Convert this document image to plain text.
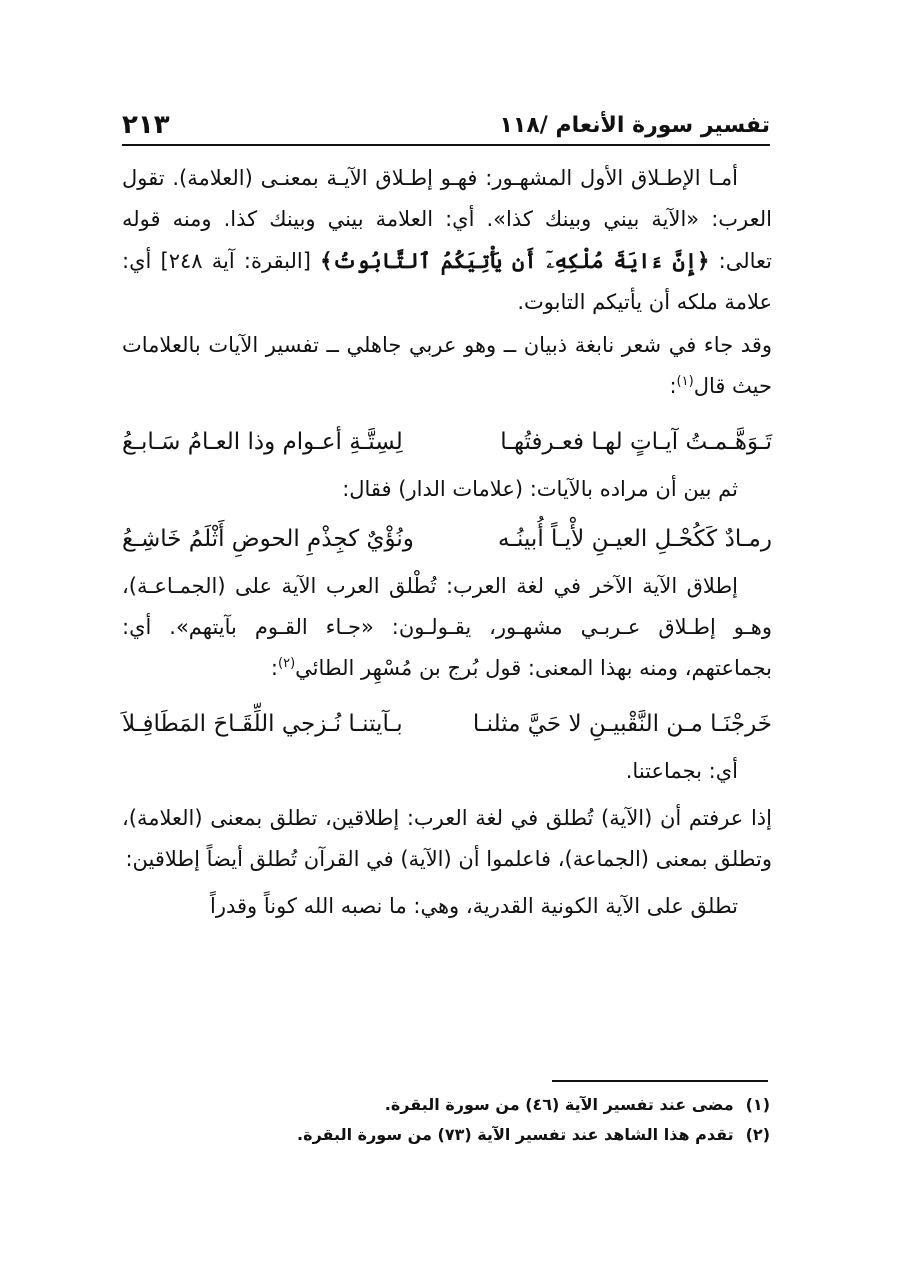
تفسير سورة الأنعام /١١٨
٢١٣

أمـا الإطـلاق الأول المشهـور: فهـو إطـلاق الآيـة بمعنـى (العلامة). تقول العرب: «الآية بيني وبينك كذا». أي: العلامة بيني وبينك كذا. ومنه قوله تعالى: ﴿إِنَّ ءَايَةَ مُلْكِهِۦٓ أَن يَأْتِيَكُمُ ٱلتَّابُوتُ﴾ [البقرة: آية ٢٤٨] أي: علامة ملكه أن يأتيكم التابوت.

وقد جاء في شعر نابغة ذبيان ــ وهو عربي جاهلي ــ تفسير الآيات بالعلامات حيث قال$^{(١)}$:

تَـوَهَّـمـتُ آيـاتٍ لهـا فعـرفتُهـا
لِسِتَّـةِ أعـوام وذا العـامُ سَـابـعُ

ثم بين أن مراده بالآيات: (علامات الدار) فقال:

رمـادٌ كَكُحْـلِ العيـنِ لأْيـاً أُبينُـه
ونُؤْيٌ كجِذْمِ الحوضِ أَثْلَمُ خَاشِـعُ

إطلاق الآية الآخر في لغة العرب: تُطْلق العرب الآية على (الجمـاعـة)، وهـو إطـلاق عـربـي مشهـور، يقـولـون: «جـاء القـوم بآيتهم». أي: بجماعتهم، ومنه بهذا المعنى: قول بُرج بن مُسْهِر الطائي$^{(٢)}$:

خَرجْنَـا مـن النَّقْبيـنِ لا حَيَّ مثلنـا
بـآيتنـا نُـزجي اللِّقَـاحَ المَطَافِـلاَ

أي: بجماعتنا.

إذا عرفتم أن (الآية) تُطلق في لغة العرب: إطلاقين، تطلق بمعنى (العلامة)، وتطلق بمعنى (الجماعة)، فاعلموا أن (الآية) في القرآن تُطلق أيضاً إطلاقين:

تطلق على الآية الكونية القدرية، وهي: ما نصبه الله كوناً وقدراً

(١)مضى عند تفسير الآية (٤٦) من سورة البقرة.

(٢)تقدم هذا الشاهد عند تفسير الآية (٧٣) من سورة البقرة.
